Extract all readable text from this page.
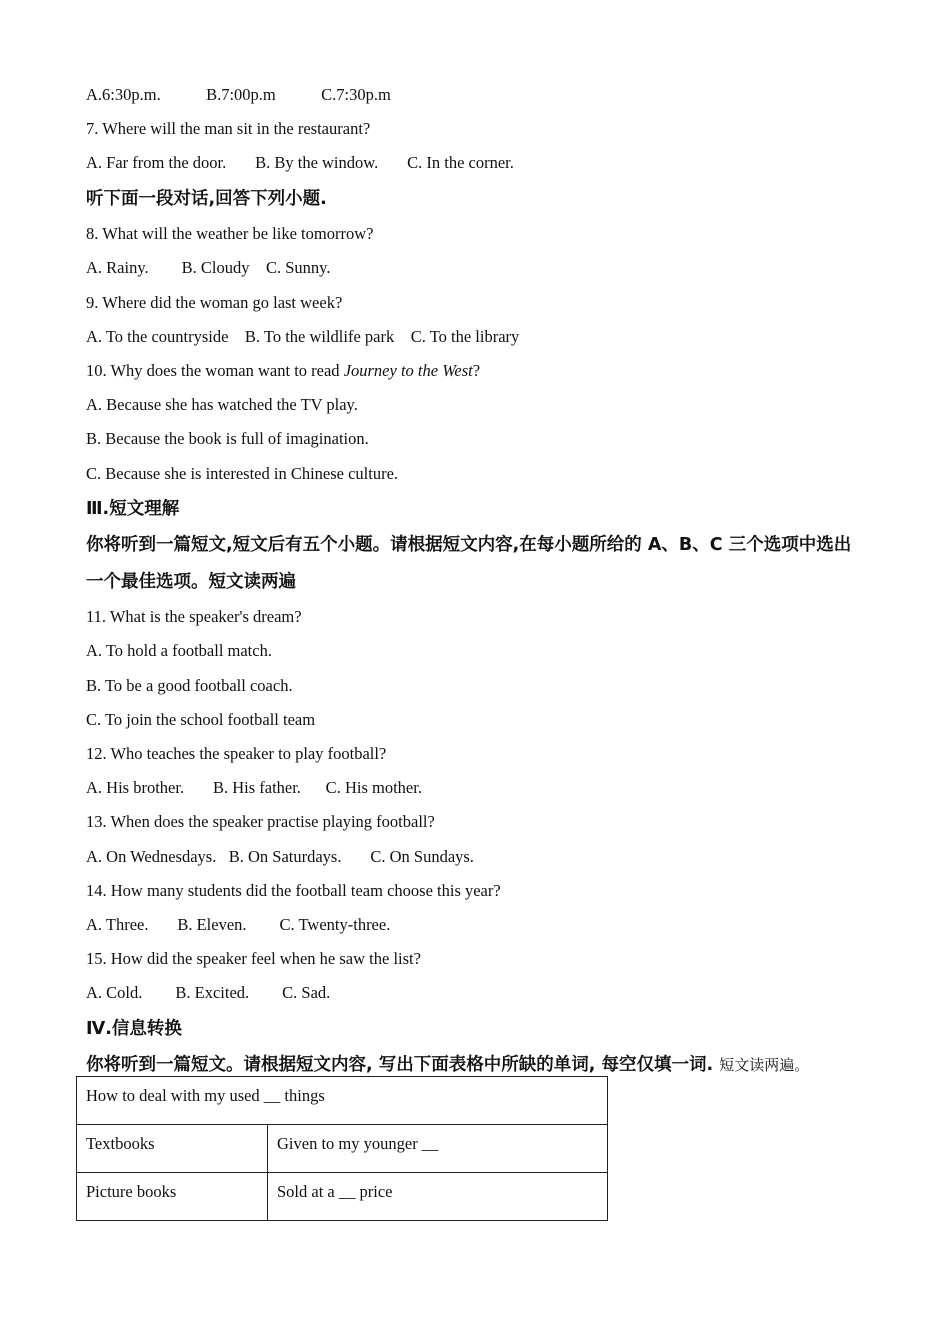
A.6:30p.m.           B.7:00p.m           C.7:30p.m

7. Where will the man sit in the restaurant?

A. Far from the door.       B. By the window.       C. In the corner.

听下面一段对话,回答下列小题.

8. What will the weather be like tomorrow?

A. Rainy.        B. Cloudy    C. Sunny.

9. Where did the woman go last week?

A. To the countryside    B. To the wildlife park    C. To the library

10. Why does the woman want to read Journey to the West?

A. Because she has watched the TV play.

B. Because the book is full of imagination.

C. Because she is interested in Chinese culture.

Ⅲ.短文理解

你将听到一篇短文,短文后有五个小题。请根据短文内容,在每小题所给的 A、B、C 三个选项中选出一个最佳选项。短文读两遍

11. What is the speaker's dream?

A. To hold a football match.

B. To be a good football coach.

C. To join the school football team

12. Who teaches the speaker to play football?

A. His brother.       B. His father.      C. His mother.

13. When does the speaker practise playing football?

A. On Wednesdays.   B. On Saturdays.       C. On Sundays.

14. How many students did the football team choose this year?

A. Three.       B. Eleven.        C. Twenty-three.

15. How did the speaker feel when he saw the list?

A. Cold.        B. Excited.        C. Sad.

Ⅳ.信息转换

你将听到一篇短文。请根据短文内容, 写出下面表格中所缺的单词, 每空仅填一词. 短文读两遍。

How to deal with my used __ things	
Textbooks	Given to my younger __
Picture books	Sold at a __ price
